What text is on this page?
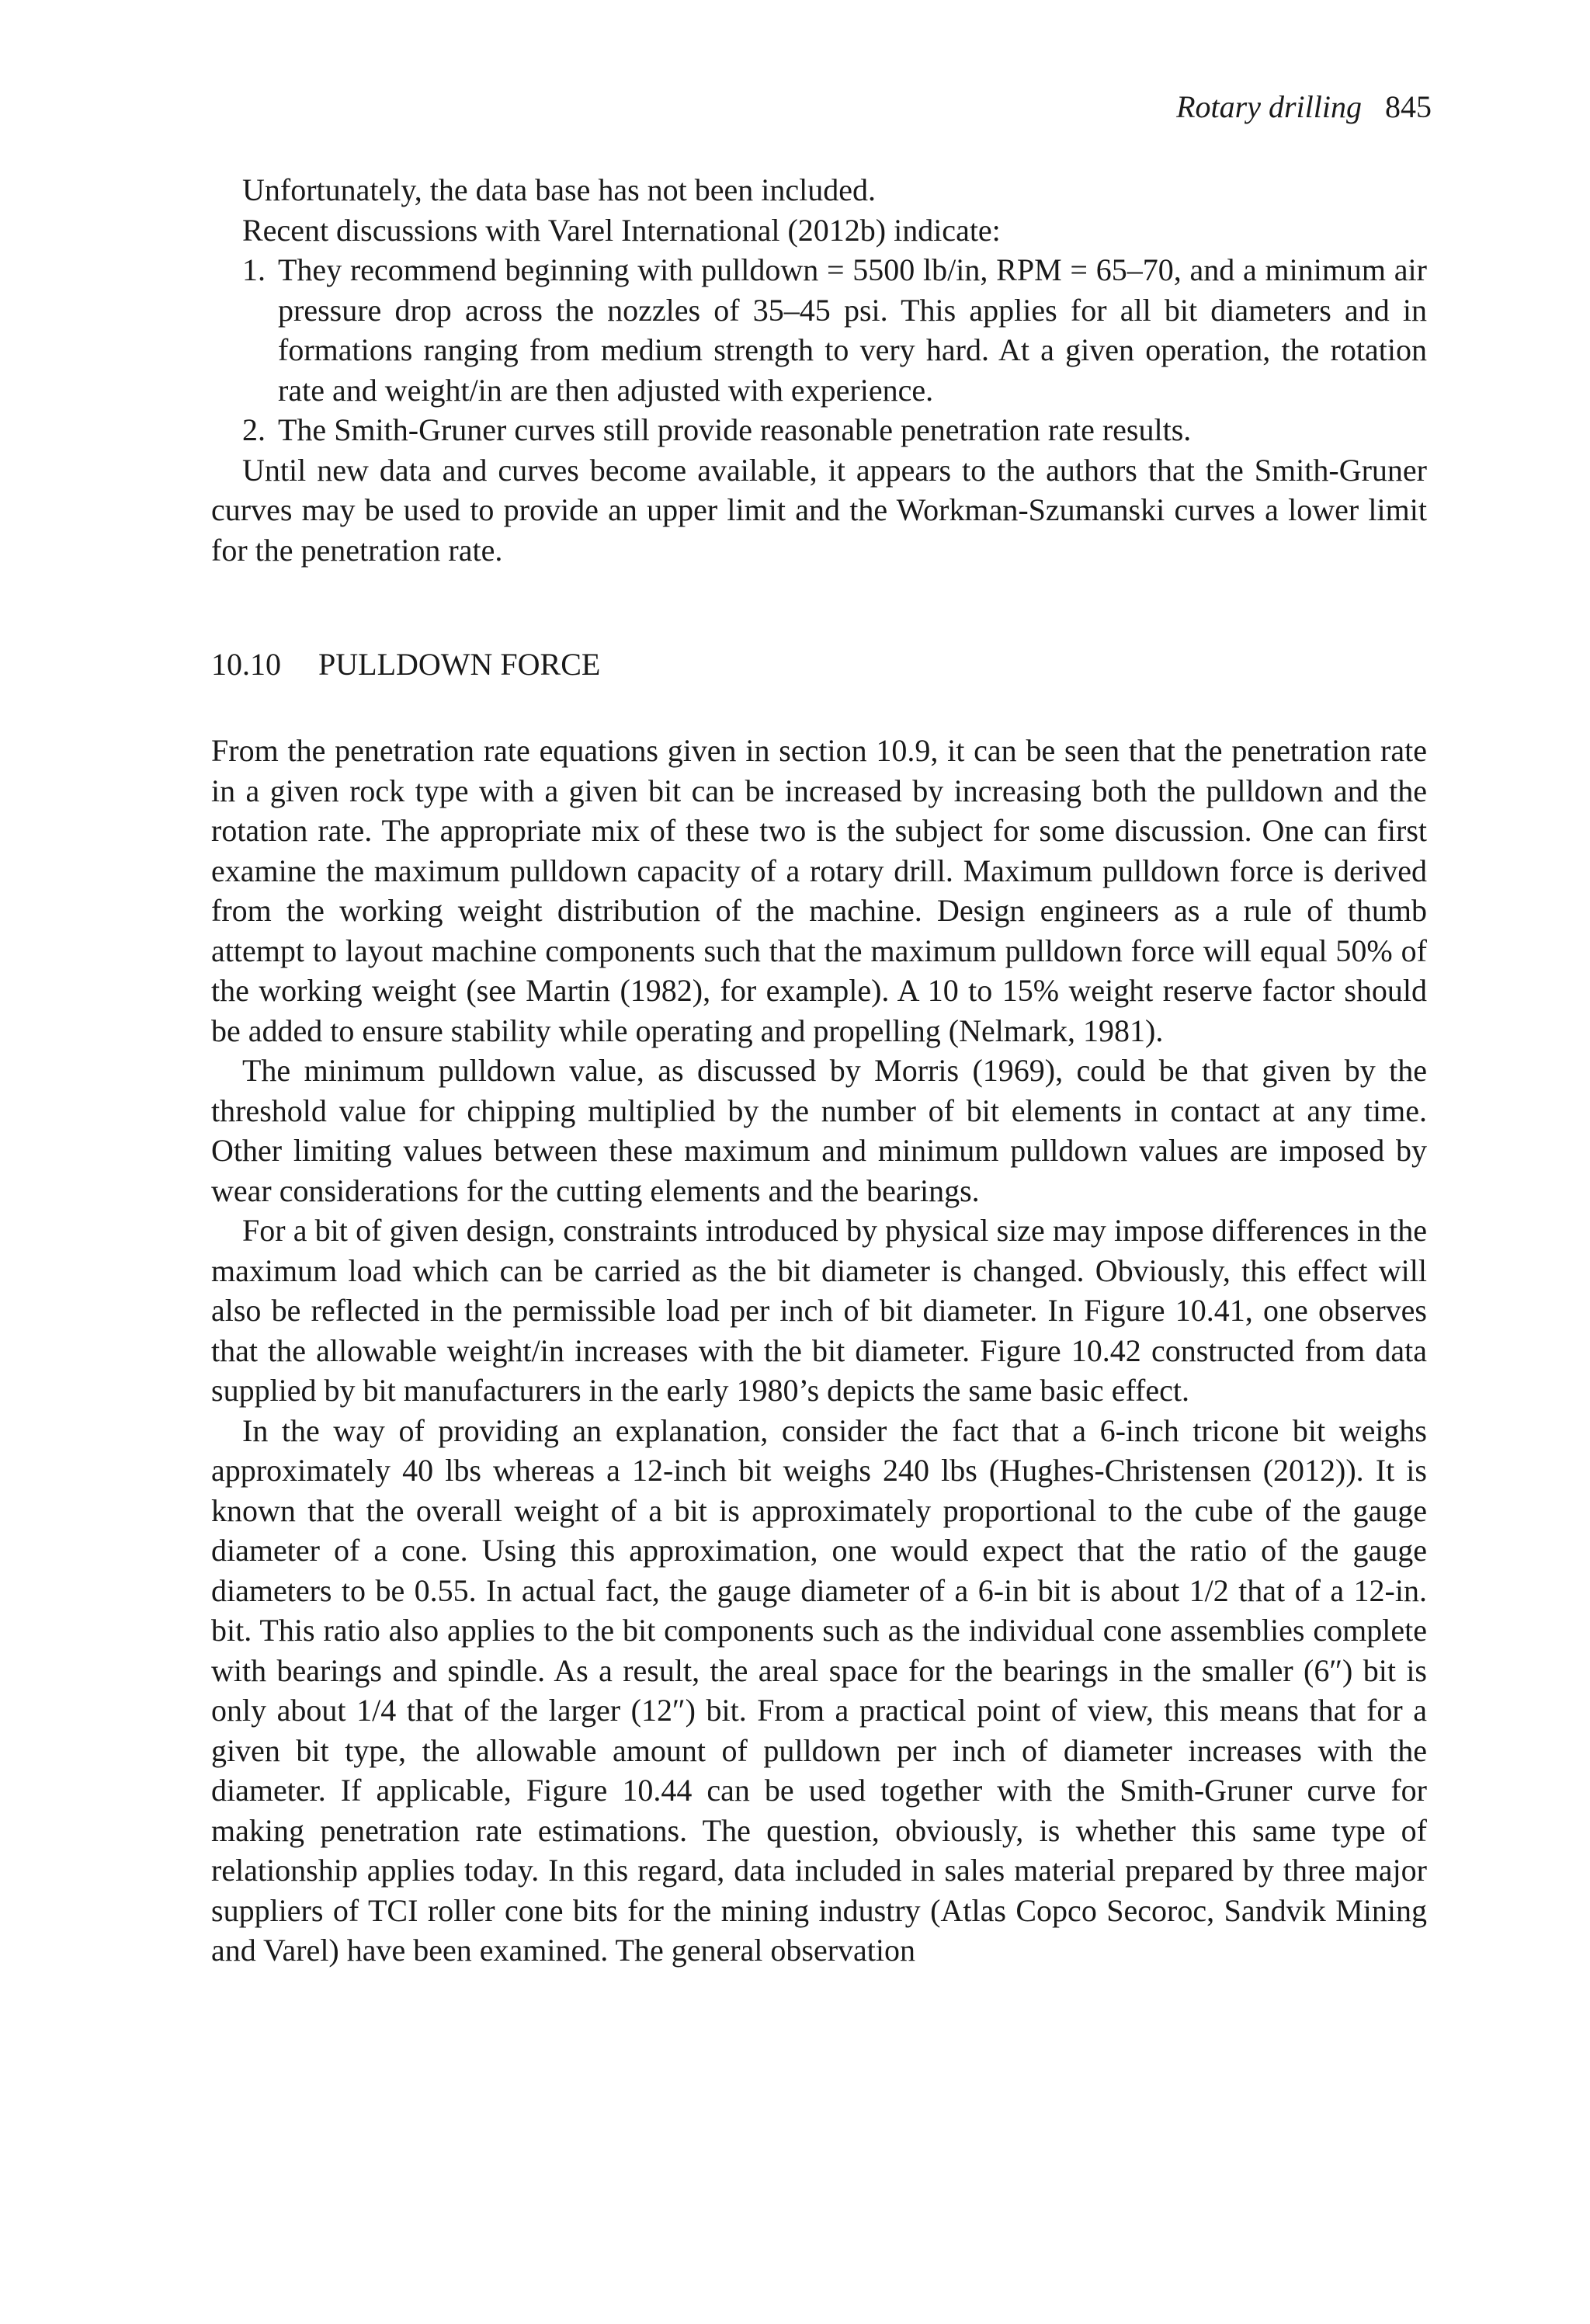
Rotary drilling 845

Unfortunately, the data base has not been included.

Recent discussions with Varel International (2012b) indicate:

1. They recommend beginning with pulldown = 5500 lb/in, RPM = 65–70, and a minimum air pressure drop across the nozzles of 35–45 psi. This applies for all bit diameters and in formations ranging from medium strength to very hard. At a given operation, the rotation rate and weight/in are then adjusted with experience.

2. The Smith-Gruner curves still provide reasonable penetration rate results.

Until new data and curves become available, it appears to the authors that the Smith-Gruner curves may be used to provide an upper limit and the Workman-Szumanski curves a lower limit for the penetration rate.

10.10 PULLDOWN FORCE

From the penetration rate equations given in section 10.9, it can be seen that the penetration rate in a given rock type with a given bit can be increased by increasing both the pulldown and the rotation rate. The appropriate mix of these two is the subject for some discussion. One can first examine the maximum pulldown capacity of a rotary drill. Maximum pulldown force is derived from the working weight distribution of the machine. Design engineers as a rule of thumb attempt to layout machine components such that the maximum pulldown force will equal 50% of the working weight (see Martin (1982), for example). A 10 to 15% weight reserve factor should be added to ensure stability while operating and propelling (Nelmark, 1981).

The minimum pulldown value, as discussed by Morris (1969), could be that given by the threshold value for chipping multiplied by the number of bit elements in contact at any time. Other limiting values between these maximum and minimum pulldown values are imposed by wear considerations for the cutting elements and the bearings.

For a bit of given design, constraints introduced by physical size may impose differences in the maximum load which can be carried as the bit diameter is changed. Obviously, this effect will also be reflected in the permissible load per inch of bit diameter. In Figure 10.41, one observes that the allowable weight/in increases with the bit diameter. Figure 10.42 constructed from data supplied by bit manufacturers in the early 1980’s depicts the same basic effect.

In the way of providing an explanation, consider the fact that a 6-inch tricone bit weighs approximately 40 lbs whereas a 12-inch bit weighs 240 lbs (Hughes-Christensen (2012)). It is known that the overall weight of a bit is approximately proportional to the cube of the gauge diameter of a cone. Using this approximation, one would expect that the ratio of the gauge diameters to be 0.55. In actual fact, the gauge diameter of a 6-in bit is about 1/2 that of a 12-in. bit. This ratio also applies to the bit components such as the individual cone assemblies complete with bearings and spindle. As a result, the areal space for the bearings in the smaller (6″) bit is only about 1/4 that of the larger (12″) bit. From a practical point of view, this means that for a given bit type, the allowable amount of pulldown per inch of diameter increases with the diameter. If applicable, Figure 10.44 can be used together with the Smith-Gruner curve for making penetration rate estimations. The question, obviously, is whether this same type of relationship applies today. In this regard, data included in sales material prepared by three major suppliers of TCI roller cone bits for the mining industry (Atlas Copco Secoroc, Sandvik Mining and Varel) have been examined. The general observation
